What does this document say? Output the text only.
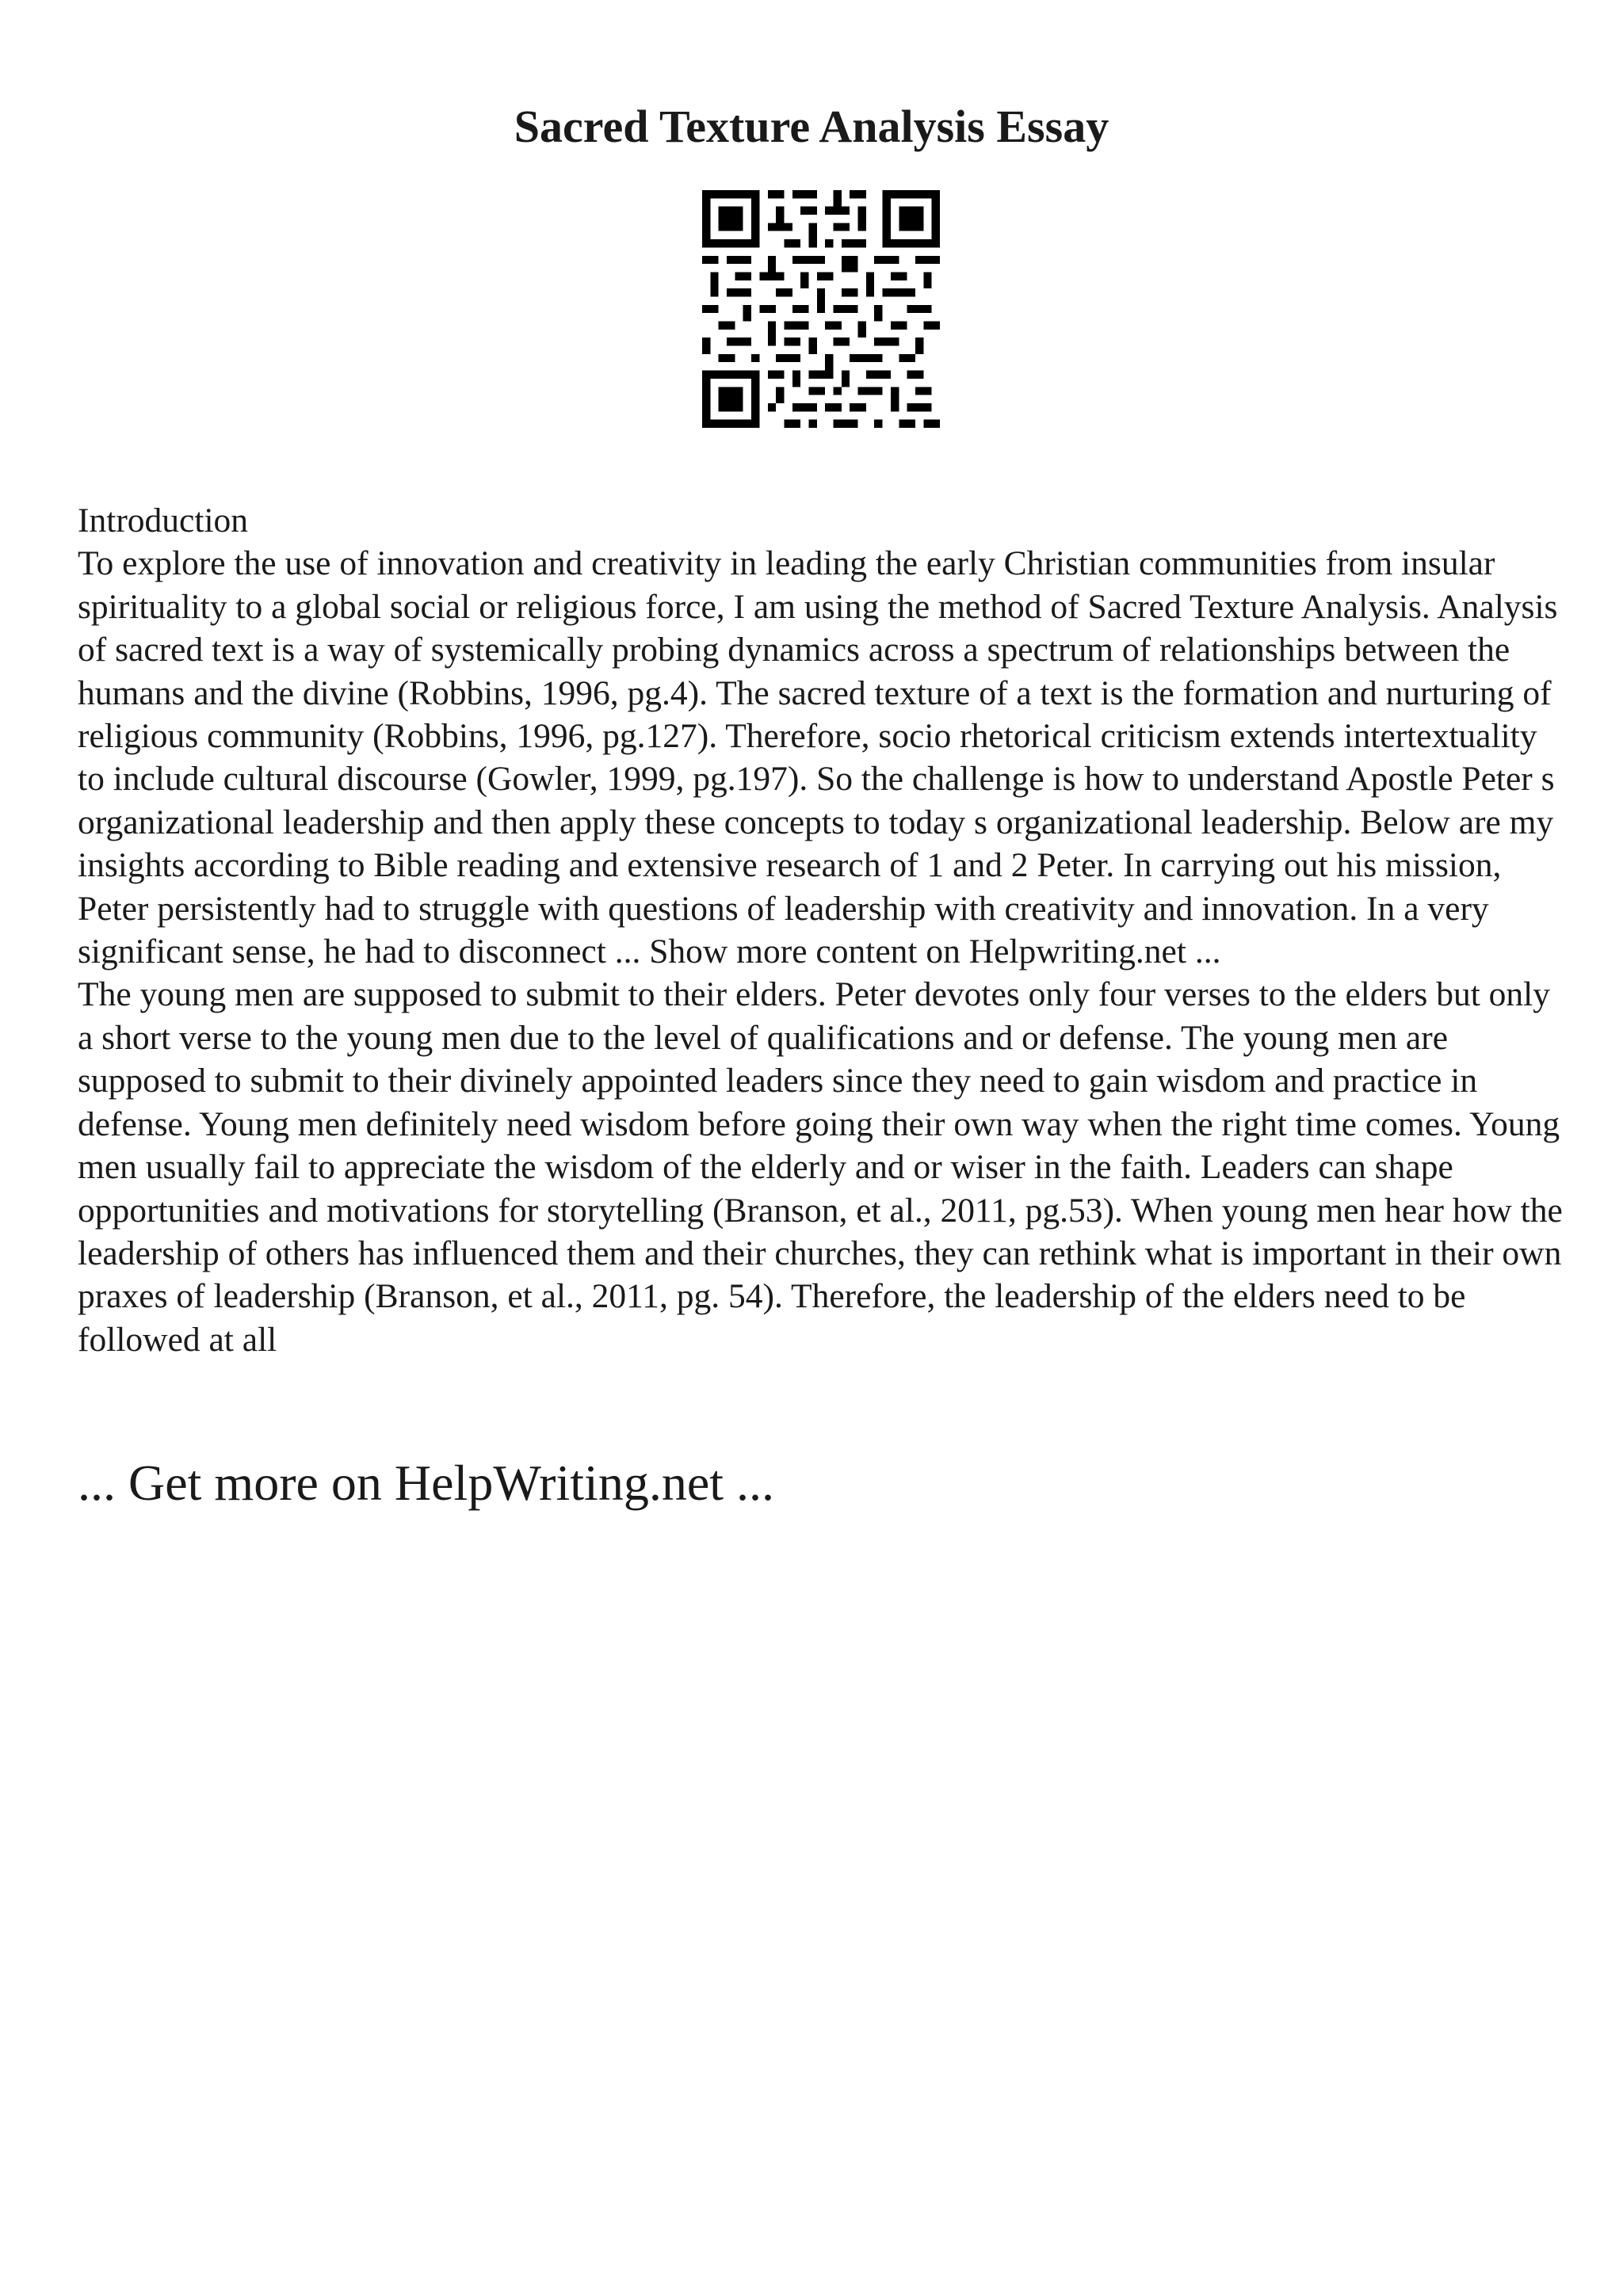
Sacred Texture Analysis Essay

Introduction

To explore the use of innovation and creativity in leading the early Christian communities from insular spirituality to a global social or religious force, I am using the method of Sacred Texture Analysis. Analysis of sacred text is a way of systemically probing dynamics across a spectrum of relationships between the humans and the divine (Robbins, 1996, pg.4). The sacred texture of a text is the formation and nurturing of religious community (Robbins, 1996, pg.127). Therefore, socio rhetorical criticism extends intertextuality to include cultural discourse (Gowler, 1999, pg.197). So the challenge is how to understand Apostle Peter s organizational leadership and then apply these concepts to today s organizational leadership. Below are my insights according to Bible reading and extensive research of 1 and 2 Peter. In carrying out his mission, Peter persistently had to struggle with questions of leadership with creativity and innovation. In a very significant sense, he had to disconnect ... Show more content on Helpwriting.net ...

The young men are supposed to submit to their elders. Peter devotes only four verses to the elders but only a short verse to the young men due to the level of qualifications and or defense. The young men are supposed to submit to their divinely appointed leaders since they need to gain wisdom and practice in defense. Young men definitely need wisdom before going their own way when the right time comes. Young men usually fail to appreciate the wisdom of the elderly and or wiser in the faith. Leaders can shape opportunities and motivations for storytelling (Branson, et al., 2011, pg.53). When young men hear how the leadership of others has influenced them and their churches, they can rethink what is important in their own praxes of leadership (Branson, et al., 2011, pg. 54). Therefore, the leadership of the elders need to be followed at all

... Get more on HelpWriting.net ...
